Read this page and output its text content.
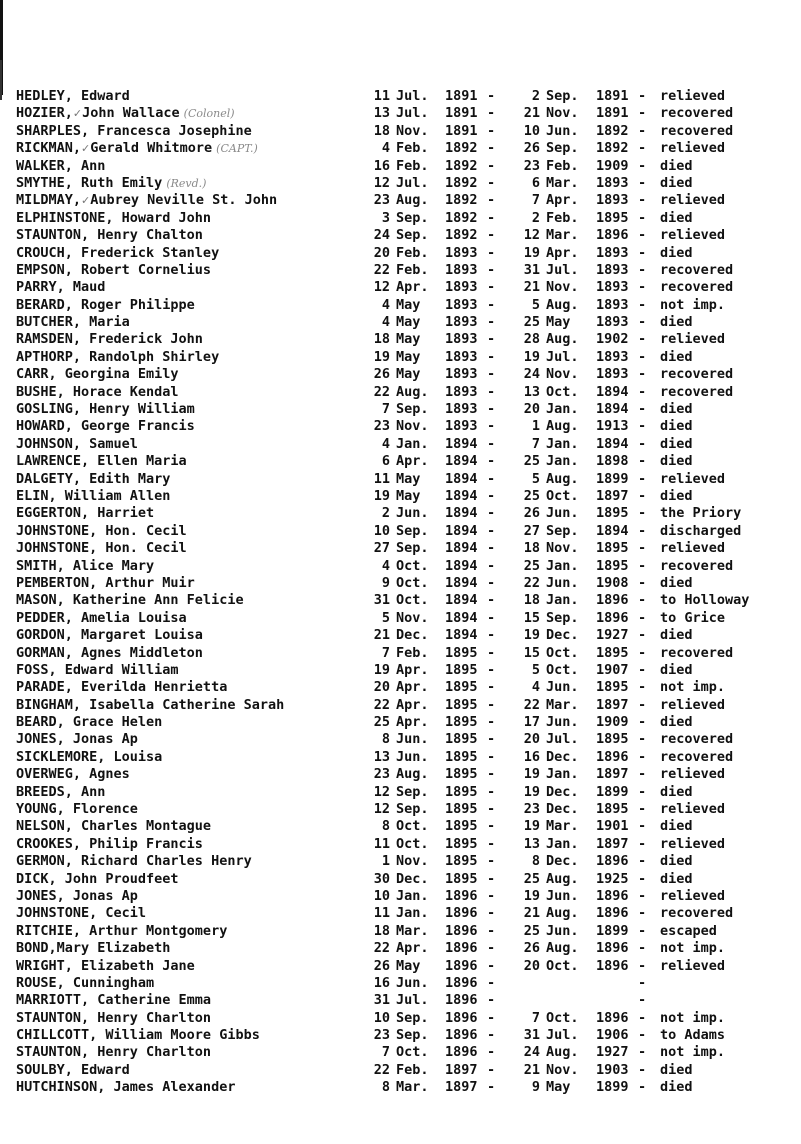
HEDLEY, Edward	11 Jul. 1891	2 Sep. 1891 relieved
-	-
HOZIER,✓John Wallace (Colonel)	13 Jul. 1891	21 Nov. 1891 recovered
-	-
SHARPLES, Francesca Josephine	18 Nov. 1891	10 Jun. 1892 recovered
-	-
RICKMAN,✓Gerald Whitmore (CAPT.)	4 Feb. 1892	26 Sep. 1892 relieved
-	-
WALKER, Ann	16 Feb. 1892	23 Feb. 1909 died
-	-
SMYTHE, Ruth Emily (Revd.)	12 Jul. 1892	6 Mar. 1893 died
-	-
MILDMAY,✓Aubrey Neville St. John	23 Aug. 1892	7 Apr. 1893 relieved
-	-
ELPHINSTONE, Howard John	3 Sep. 1892	2 Feb. 1895 died
-	-
STAUNTON, Henry Chalton	24 Sep. 1892	12 Mar. 1896 relieved
-	-
CROUCH, Frederick Stanley	20 Feb. 1893	19 Apr. 1893 died
-	-
EMPSON, Robert Cornelius	22 Feb. 1893	31 Jul. 1893 recovered
-	-
PARRY, Maud	12 Apr. 1893	21 Nov. 1893 recovered
-	-
BERARD, Roger Philippe	4 May 1893	5 Aug. 1893 not imp.
-	-
BUTCHER, Maria	4 May 1893	25 May 1893 died
-	-
RAMSDEN, Frederick John	18 May 1893	28 Aug. 1902 relieved
-	-
APTHORP, Randolph Shirley	19 May 1893	19 Jul. 1893 died
-	-
CARR, Georgina Emily	26 May 1893	24 Nov. 1893 recovered
-	-
BUSHE, Horace Kendal	22 Aug. 1893	13 Oct. 1894 recovered
-	-
GOSLING, Henry William	7 Sep. 1893	20 Jan. 1894 died
-	-
HOWARD, George Francis	23 Nov. 1893	1 Aug. 1913 died
-	-
JOHNSON, Samuel	4 Jan. 1894	7 Jan. 1894 died
-	-
LAWRENCE, Ellen Maria	6 Apr. 1894	25 Jan. 1898 died
-	-
DALGETY, Edith Mary	11 May 1894	5 Aug. 1899 relieved
-	-
ELIN, William Allen	19 May 1894	25 Oct. 1897 died
-	-
EGGERTON, Harriet	2 Jun. 1894	26 Jun. 1895 the Priory
-	-
JOHNSTONE, Hon. Cecil	10 Sep. 1894	27 Sep. 1894 discharged
-	-
JOHNSTONE, Hon. Cecil	27 Sep. 1894	18 Nov. 1895 relieved
-	-
SMITH, Alice Mary	4 Oct. 1894	25 Jan. 1895 recovered
-	-
PEMBERTON, Arthur Muir	9 Oct. 1894	22 Jun. 1908 died
-	-
MASON, Katherine Ann Felicie	31 Oct. 1894	18 Jan. 1896 to Holloway
-	-
PEDDER, Amelia Louisa	5 Nov. 1894	15 Sep. 1896 to Grice
-	-
GORDON, Margaret Louisa	21 Dec. 1894	19 Dec. 1927 died
-	-
GORMAN, Agnes Middleton	7 Feb. 1895	15 Oct. 1895 recovered
-	-
FOSS, Edward William	19 Apr. 1895	5 Oct. 1907 died
-	-
PARADE, Everilda Henrietta	20 Apr. 1895	4 Jun. 1895 not imp.
-	-
BINGHAM, Isabella Catherine Sarah	22 Apr. 1895	22 Mar. 1897 relieved
-	-
BEARD, Grace Helen	25 Apr. 1895	17 Jun. 1909 died
-	-
JONES, Jonas Ap	8 Jun. 1895	20 Jul. 1895 recovered
-	-
SICKLEMORE, Louisa	13 Jun. 1895	16 Dec. 1896 recovered
-	-
OVERWEG, Agnes	23 Aug. 1895	19 Jan. 1897 relieved
-	-
BREEDS, Ann	12 Sep. 1895	19 Dec. 1899 died
-	-
YOUNG, Florence	12 Sep. 1895	23 Dec. 1895 relieved
-	-
NELSON, Charles Montague	8 Oct. 1895	19 Mar. 1901 died
-	-
CROOKES, Philip Francis	11 Oct. 1895	13 Jan. 1897 relieved
-	-
GERMON, Richard Charles Henry	1 Nov. 1895	8 Dec. 1896 died
-	-
DICK, John Proudfeet	30 Dec. 1895	25 Aug. 1925 died
-	-
JONES, Jonas Ap	10 Jan. 1896	19 Jun. 1896 relieved
-	-
JOHNSTONE, Cecil	11 Jan. 1896	21 Aug. 1896 recovered
-	-
RITCHIE, Arthur Montgomery	18 Mar. 1896	25 Jun. 1899 escaped
-	-
BOND,Mary Elizabeth	22 Apr. 1896	26 Aug. 1896 not imp.
-	-
WRIGHT, Elizabeth Jane	26 May 1896	20 Oct. 1896 relieved
-	-
ROUSE, Cunningham	16 Jun. 1896 -	-
MARRIOTT, Catherine Emma	31 Jul. 1896 -	-
STAUNTON, Henry Charlton	10 Sep. 1896	7 Oct. 1896 not imp.
-	-
CHILLCOTT, William Moore Gibbs	23 Sep. 1896	31 Jul. 1906 to Adams
-	-
STAUNTON, Henry Charlton	7 Oct. 1896	24 Aug. 1927 not imp.
-	-
SOULBY, Edward	22 Feb. 1897	21 Nov. 1903 died
-	-
HUTCHINSON, James Alexander	8 Mar. 1897	9 May 1899 died
-	-
